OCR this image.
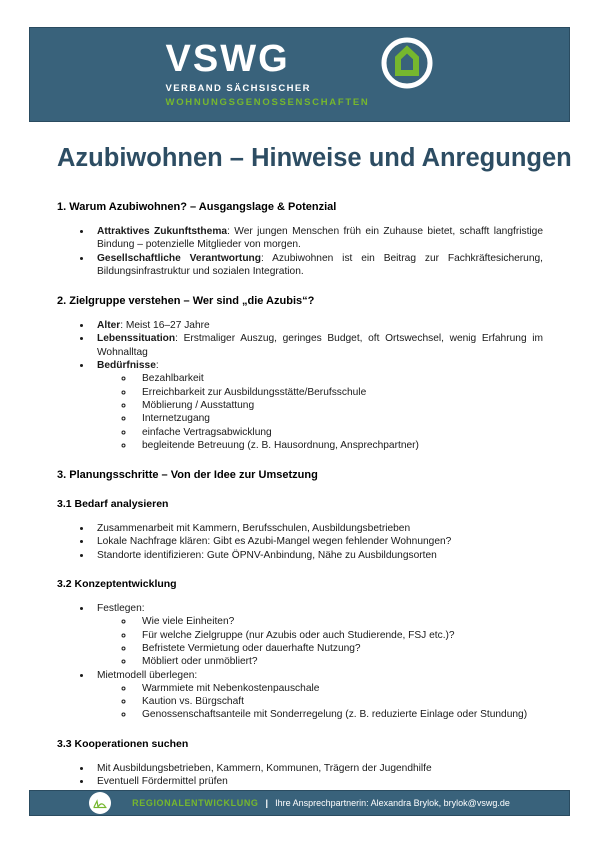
VSWG
VERBAND SÄCHSISCHER
WOHNUNGSGENOSSENSCHAFTEN
Azubiwohnen – Hinweise und Anregungen
1. Warum Azubiwohnen? – Ausgangslage & Potenzial
• Attraktives Zukunftsthema: Wer jungen Menschen früh ein Zuhause bietet, schafft langfristige Bindung – potenzielle Mitglieder von morgen.
• Gesellschaftliche Verantwortung: Azubiwohnen ist ein Beitrag zur Fachkräftesicherung, Bildungsinfrastruktur und sozialen Integration.
2. Zielgruppe verstehen – Wer sind „die Azubis“?
• Alter: Meist 16–27 Jahre
• Lebenssituation: Erstmaliger Auszug, geringes Budget, oft Ortswechsel, wenig Erfahrung im Wohnalltag
• Bedürfnisse:
◦ Bezahlbarkeit
◦ Erreichbarkeit zur Ausbildungsstätte/Berufsschule
◦ Möblierung / Ausstattung
◦ Internetzugang
◦ einfache Vertragsabwicklung
◦ begleitende Betreuung (z. B. Hausordnung, Ansprechpartner)
3. Planungsschritte – Von der Idee zur Umsetzung
3.1 Bedarf analysieren
• Zusammenarbeit mit Kammern, Berufsschulen, Ausbildungsbetrieben
• Lokale Nachfrage klären: Gibt es Azubi-Mangel wegen fehlender Wohnungen?
• Standorte identifizieren: Gute ÖPNV-Anbindung, Nähe zu Ausbildungsorten
3.2 Konzeptentwicklung
• Festlegen:
◦ Wie viele Einheiten?
◦ Für welche Zielgruppe (nur Azubis oder auch Studierende, FSJ etc.)?
◦ Befristete Vermietung oder dauerhafte Nutzung?
◦ Möbliert oder unmöbliert?
• Mietmodell überlegen:
◦ Warmmiete mit Nebenkostenpauschale
◦ Kaution vs. Bürgschaft
◦ Genossenschaftsanteile mit Sonderregelung (z. B. reduzierte Einlage oder Stundung)
3.3 Kooperationen suchen
• Mit Ausbildungsbetrieben, Kammern, Kommunen, Trägern der Jugendhilfe
• Eventuell Fördermittel prüfen
REGIONALENTWICKLUNG | Ihre Ansprechpartnerin: Alexandra Brylok, brylok@vswg.de
